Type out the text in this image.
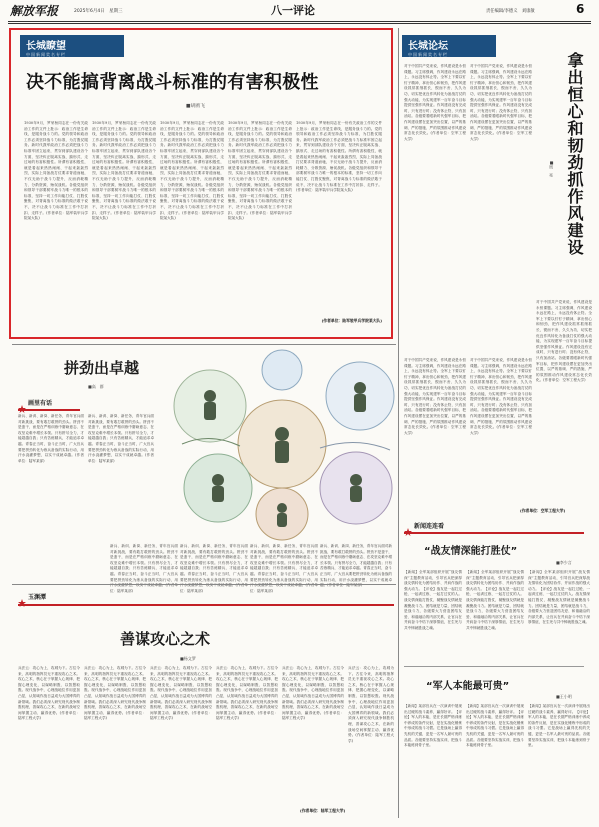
解放军报	2025年6月4日　星期三	八一评论	责任编辑/李德义　刘康敏	6
长城瞭望
中国新闻奖名专栏
决不能搞背离战斗标准的有害积极性
■胡鸥飞
1930年9月，罗荣桓同志在一份有关政治工作的文件上批示：政治工作是生命线，是服务战斗力的。党的领导和政治工作必须坚持战斗力标准，为打胜仗服务。新时代我军政治工作必须把战斗力标准牢固立起来，贯穿到部队建设各个方面，坚决纠正脱离实战、搞形式、走过场的有害积极性。所谓有害积极性，就是看起来热热闹闹、干起来轰轰烈烈，实际上同备战打仗要求背道而驰，不仅无助于战斗力提升，反而消耗精力、分散资源、贻误战机。各级党组织和领导干部要树牢战斗力唯一的根本的标准，坚持一切工作向能打仗、打胜仗聚焦，对背离战斗力标准的做法敢于说不，决不让战斗力标准在工作中打折扣、走样子。(作者单位：陆军装甲兵学院某大队)
1930年9月，罗荣桓同志在一份有关政治工作的文件上批示：政治工作是生命线，是服务战斗力的。党的领导和政治工作必须坚持战斗力标准，为打胜仗服务。新时代我军政治工作必须把战斗力标准牢固立起来，贯穿到部队建设各个方面，坚决纠正脱离实战、搞形式、走过场的有害积极性。所谓有害积极性，就是看起来热热闹闹、干起来轰轰烈烈，实际上同备战打仗要求背道而驰，不仅无助于战斗力提升，反而消耗精力、分散资源、贻误战机。各级党组织和领导干部要树牢战斗力唯一的根本的标准，坚持一切工作向能打仗、打胜仗聚焦，对背离战斗力标准的做法敢于说不，决不让战斗力标准在工作中打折扣、走样子。(作者单位：陆军装甲兵学院某大队)
1930年9月，罗荣桓同志在一份有关政治工作的文件上批示：政治工作是生命线，是服务战斗力的。党的领导和政治工作必须坚持战斗力标准，为打胜仗服务。新时代我军政治工作必须把战斗力标准牢固立起来，贯穿到部队建设各个方面，坚决纠正脱离实战、搞形式、走过场的有害积极性。所谓有害积极性，就是看起来热热闹闹、干起来轰轰烈烈，实际上同备战打仗要求背道而驰，不仅无助于战斗力提升，反而消耗精力、分散资源、贻误战机。各级党组织和领导干部要树牢战斗力唯一的根本的标准，坚持一切工作向能打仗、打胜仗聚焦，对背离战斗力标准的做法敢于说不，决不让战斗力标准在工作中打折扣、走样子。(作者单位：陆军装甲兵学院某大队)
1930年9月，罗荣桓同志在一份有关政治工作的文件上批示：政治工作是生命线，是服务战斗力的。党的领导和政治工作必须坚持战斗力标准，为打胜仗服务。新时代我军政治工作必须把战斗力标准牢固立起来，贯穿到部队建设各个方面，坚决纠正脱离实战、搞形式、走过场的有害积极性。所谓有害积极性，就是看起来热热闹闹、干起来轰轰烈烈，实际上同备战打仗要求背道而驰，不仅无助于战斗力提升，反而消耗精力、分散资源、贻误战机。各级党组织和领导干部要树牢战斗力唯一的根本的标准，坚持一切工作向能打仗、打胜仗聚焦，对背离战斗力标准的做法敢于说不，决不让战斗力标准在工作中打折扣、走样子。(作者单位：陆军装甲兵学院某大队)
1930年9月，罗荣桓同志在一份有关政治工作的文件上批示：政治工作是生命线，是服务战斗力的。党的领导和政治工作必须坚持战斗力标准，为打胜仗服务。新时代我军政治工作必须把战斗力标准牢固立起来，贯穿到部队建设各个方面，坚决纠正脱离实战、搞形式、走过场的有害积极性。所谓有害积极性，就是看起来热热闹闹、干起来轰轰烈烈，实际上同备战打仗要求背道而驰，不仅无助于战斗力提升，反而消耗精力、分散资源、贻误战机。各级党组织和领导干部要树牢战斗力唯一的根本的标准，坚持一切工作向能打仗、打胜仗聚焦，对背离战斗力标准的做法敢于说不，决不让战斗力标准在工作中打折扣、走样子。(作者单位：陆军装甲兵学院某大队)
(作者单位：陆军装甲兵学院某大队)
长城论坛
中国新闻奖名专栏	拿出恒心和韧劲抓作风建设
■周　亮
对于中国共产党来说，作风建设是永恒课题。习主席强调，作风建设永远在路上，永远没有休止符。全军上下要以钉钉子精神，拿出恒心和韧劲，把作风建设抓常抓细抓长，锲而不舍、久久为功，切实把优良作风转化为备战打仗的强大动能，为实现建军一百年奋斗目标提供坚强作风保证。作风建设没有完成时，只有进行时；没有休止符，只有加油站。各级要着眼新时代强军目标，把作风建设摆在更加突出位置，以严的基调、严的措施、严的氛围推动作风建设常态化长效化。(作者单位：空军工程大学)
对于中国共产党来说，作风建设是永恒课题。习主席强调，作风建设永远在路上，永远没有休止符。全军上下要以钉钉子精神，拿出恒心和韧劲，把作风建设抓常抓细抓长，锲而不舍、久久为功，切实把优良作风转化为备战打仗的强大动能，为实现建军一百年奋斗目标提供坚强作风保证。作风建设没有完成时，只有进行时；没有休止符，只有加油站。各级要着眼新时代强军目标，把作风建设摆在更加突出位置，以严的基调、严的措施、严的氛围推动作风建设常态化长效化。(作者单位：空军工程大学)
对于中国共产党来说，作风建设是永恒课题。习主席强调，作风建设永远在路上，永远没有休止符。全军上下要以钉钉子精神，拿出恒心和韧劲，把作风建设抓常抓细抓长，锲而不舍、久久为功，切实把优良作风转化为备战打仗的强大动能，为实现建军一百年奋斗目标提供坚强作风保证。作风建设没有完成时，只有进行时；没有休止符，只有加油站。各级要着眼新时代强军目标，把作风建设摆在更加突出位置，以严的基调、严的措施、严的氛围推动作风建设常态化长效化。(作者单位：空军工程大学)
对于中国共产党来说，作风建设是永恒课题。习主席强调，作风建设永远在路上，永远没有休止符。全军上下要以钉钉子精神，拿出恒心和韧劲，把作风建设抓常抓细抓长，锲而不舍、久久为功，切实把优良作风转化为备战打仗的强大动能，为实现建军一百年奋斗目标提供坚强作风保证。作风建设没有完成时，只有进行时；没有休止符，只有加油站。各级要着眼新时代强军目标，把作风建设摆在更加突出位置，以严的基调、严的措施、严的氛围推动作风建设常态化长效化。(作者单位：空军工程大学)
对于中国共产党来说，作风建设是永恒课题。习主席强调，作风建设永远在路上，永远没有休止符。全军上下要以钉钉子精神，拿出恒心和韧劲，把作风建设抓常抓细抓长，锲而不舍、久久为功，切实把优良作风转化为备战打仗的强大动能，为实现建军一百年奋斗目标提供坚强作风保证。作风建设没有完成时，只有进行时；没有休止符，只有加油站。各级要着眼新时代强军目标，把作风建设摆在更加突出位置，以严的基调、严的措施、严的氛围推动作风建设常态化长效化。(作者单位：空军工程大学)
(作者单位：空军工程大学)
拼劲出卓越
■高　群
画里有话
新兵、新训、新岗、新任务，青年官兵面对新挑战，要有敢打敢拼的劲头。拼劲不是蛮干，而是在严格训练中磨砺意志、在攻坚克难中增长本领。只有拼尽全力，才能超越自我；只有苦练精兵，才能追求卓越。青春正当时，奋斗正当时，广大官兵要把拼劲转化为练兵备战的实际行动，用汗水浇灌梦想，以实干成就卓越。(作者单位：陆军某部)
新兵、新训、新岗、新任务，青年官兵面对新挑战，要有敢打敢拼的劲头。拼劲不是蛮干，而是在严格训练中磨砺意志、在攻坚克难中增长本领。只有拼尽全力，才能超越自我；只有苦练精兵，才能追求卓越。青春正当时，奋斗正当时，广大官兵要把拼劲转化为练兵备战的实际行动，用汗水浇灌梦想，以实干成就卓越。(作者单位：陆军某部)
新兵、新训、新岗、新任务，青年官兵面对新挑战，要有敢打敢拼的劲头。拼劲不是蛮干，而是在严格训练中磨砺意志、在攻坚克难中增长本领。只有拼尽全力，才能超越自我；只有苦练精兵，才能追求卓越。青春正当时，奋斗正当时，广大官兵要把拼劲转化为练兵备战的实际行动，用汗水浇灌梦想，以实干成就卓越。(作者单位：陆军某部)
新兵、新训、新岗、新任务，青年官兵面对新挑战，要有敢打敢拼的劲头。拼劲不是蛮干，而是在严格训练中磨砺意志、在攻坚克难中增长本领。只有拼尽全力，才能超越自我；只有苦练精兵，才能追求卓越。青春正当时，奋斗正当时，广大官兵要把拼劲转化为练兵备战的实际行动，用汗水浇灌梦想，以实干成就卓越。(作者单位：陆军某部)
新兵、新训、新岗、新任务，青年官兵面对新挑战，要有敢打敢拼的劲头。拼劲不是蛮干，而是在严格训练中磨砺意志、在攻坚克难中增长本领。只有拼尽全力，才能超越自我；只有苦练精兵，才能追求卓越。青春正当时，奋斗正当时，广大官兵要把拼劲转化为练兵备战的实际行动，用汗水浇灌梦想，以实干成就卓越。(作者单位：陆军某部)
新兵、新训、新岗、新任务，青年官兵面对新挑战，要有敢打敢拼的劲头。拼劲不是蛮干，而是在严格训练中磨砺意志、在攻坚克难中增长本领。只有拼尽全力，才能超越自我；只有苦练精兵，才能追求卓越。青春正当时，奋斗正当时，广大官兵要把拼劲转化为练兵备战的实际行动，用汗水浇灌梦想，以实干成就卓越。(作者单位：陆军某部)
新闻连连看
“战友情深能打胜仗”
■李少言
【新闻】全军某部组织开展“战友情深”主题教育活动，引导官兵把深厚战友情转化为团结协作、并肩作战的强大动力。【评论】战友是一起扛过枪、一起训过练、一起打过仗的人。战友情深能打胜仗，凝聚战友情就是凝聚战斗力。团结就是力量，团结就是战斗力，各级要大力营造团结友爱、和谐融洽的内部关系，让官兵在并肩奋斗中结下深厚情谊，在生死与共中铸就胜战之魂。
【新闻】全军某部组织开展“战友情深”主题教育活动，引导官兵把深厚战友情转化为团结协作、并肩作战的强大动力。【评论】战友是一起扛过枪、一起训过练、一起打过仗的人。战友情深能打胜仗，凝聚战友情就是凝聚战斗力。团结就是力量，团结就是战斗力，各级要大力营造团结友爱、和谐融洽的内部关系，让官兵在并肩奋斗中结下深厚情谊，在生死与共中铸就胜战之魂。
【新闻】全军某部组织开展“战友情深”主题教育活动，引导官兵把深厚战友情转化为团结协作、并肩作战的强大动力。【评论】战友是一起扛过枪、一起训过练、一起打过仗的人。战友情深能打胜仗，凝聚战友情就是凝聚战斗力。团结就是力量，团结就是战斗力，各级要大力营造团结友爱、和谐融洽的内部关系，让官兵在并肩奋斗中结下深厚情谊，在生死与共中铸就胜战之魂。
玉渊潭
善谋攻心之术
■杨文罗
兵法云：攻心为上，攻城为下。古往今来，高明的指挥员无不重视攻心之术。攻心之术，核心在于掌握人心规律、把握心理变化，以谋略制胜、以智慧取胜。现代战争中，心理战地位作用更加凸显，认知域作战日益成为大国博弈的新领域。我们必须深入研究现代战争制胜机理，善谋攻心之术，在新的战场空间掌握主动、赢得优势。(作者单位：陆军工程大学)
兵法云：攻心为上，攻城为下。古往今来，高明的指挥员无不重视攻心之术。攻心之术，核心在于掌握人心规律、把握心理变化，以谋略制胜、以智慧取胜。现代战争中，心理战地位作用更加凸显，认知域作战日益成为大国博弈的新领域。我们必须深入研究现代战争制胜机理，善谋攻心之术，在新的战场空间掌握主动、赢得优势。(作者单位：陆军工程大学)
兵法云：攻心为上，攻城为下。古往今来，高明的指挥员无不重视攻心之术。攻心之术，核心在于掌握人心规律、把握心理变化，以谋略制胜、以智慧取胜。现代战争中，心理战地位作用更加凸显，认知域作战日益成为大国博弈的新领域。我们必须深入研究现代战争制胜机理，善谋攻心之术，在新的战场空间掌握主动、赢得优势。(作者单位：陆军工程大学)
兵法云：攻心为上，攻城为下。古往今来，高明的指挥员无不重视攻心之术。攻心之术，核心在于掌握人心规律、把握心理变化，以谋略制胜、以智慧取胜。现代战争中，心理战地位作用更加凸显，认知域作战日益成为大国博弈的新领域。我们必须深入研究现代战争制胜机理，善谋攻心之术，在新的战场空间掌握主动、赢得优势。(作者单位：陆军工程大学)
兵法云：攻心为上，攻城为下。古往今来，高明的指挥员无不重视攻心之术。攻心之术，核心在于掌握人心规律、把握心理变化，以谋略制胜、以智慧取胜。现代战争中，心理战地位作用更加凸显，认知域作战日益成为大国博弈的新领域。我们必须深入研究现代战争制胜机理，善谋攻心之术，在新的战场空间掌握主动、赢得优势。(作者单位：陆军工程大学)
兵法云：攻心为上，攻城为下。古往今来，高明的指挥员无不重视攻心之术。攻心之术，核心在于掌握人心规律、把握心理变化，以谋略制胜、以智慧取胜。现代战争中，心理战地位作用更加凸显，认知域作战日益成为大国博弈的新领域。我们必须深入研究现代战争制胜机理，善谋攻心之术，在新的战场空间掌握主动、赢得优势。(作者单位：陆军工程大学)
(作者单位：陆军工程大学)
“军人本能最可贵”
■王小明
【新闻】某部官兵在一次演训中展现出过硬的战斗素养，赢得好评。【评论】军人的本能，是在长期严格训练中养成的条件反射，是在实战化锤炼中形成的战斗习惯。它是战场上赢得先机的关键，更是一名军人最可贵的品质。各级要坚持实战实训，把战斗本能练到骨子里。
【新闻】某部官兵在一次演训中展现出过硬的战斗素养，赢得好评。【评论】军人的本能，是在长期严格训练中养成的条件反射，是在实战化锤炼中形成的战斗习惯。它是战场上赢得先机的关键，更是一名军人最可贵的品质。各级要坚持实战实训，把战斗本能练到骨子里。
【新闻】某部官兵在一次演训中展现出过硬的战斗素养，赢得好评。【评论】军人的本能，是在长期严格训练中养成的条件反射，是在实战化锤炼中形成的战斗习惯。它是战场上赢得先机的关键，更是一名军人最可贵的品质。各级要坚持实战实训，把战斗本能练到骨子里。
